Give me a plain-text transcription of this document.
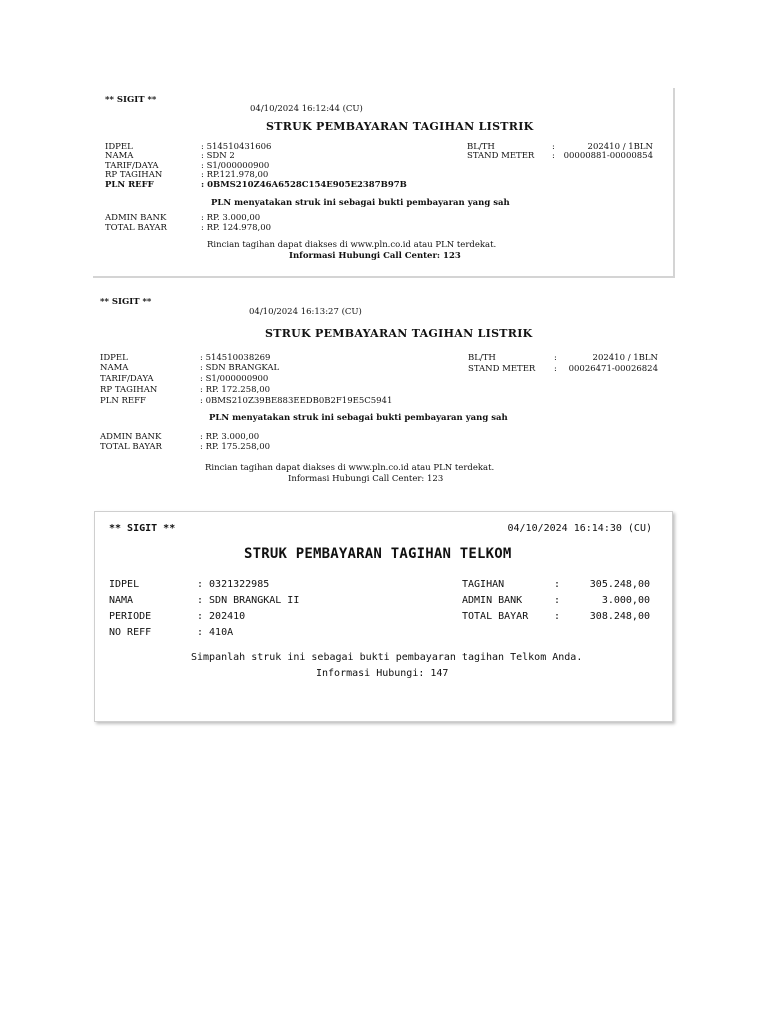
** SIGIT **
04/10/2024 16:12:44 (CU)
STRUK PEMBAYARAN TAGIHAN LISTRIK
IDPEL	: 514510431606
NAMA	: SDN 2
TARIF/DAYA	: S1/000000900
RP TAGIHAN	: RP.121.978,00
PLN REFF	: 0BMS210Z46A6528C154E905E2387B97B
BL/TH	:	202410 / 1BLN
STAND METER : 00000881-00000854
PLN menyatakan struk ini sebagai bukti pembayaran yang sah
ADMIN BANK	: RP. 3.000,00
TOTAL BAYAR	: RP. 124.978,00
Rincian tagihan dapat diakses di www.pln.co.id atau PLN terdekat.
Informasi Hubungi Call Center: 123
** SIGIT **
04/10/2024 16:13:27 (CU)
STRUK PEMBAYARAN TAGIHAN LISTRIK
IDPEL	: 514510038269
NAMA	: SDN BRANGKAL
TARIF/DAYA	: S1/000000900
RP TAGIHAN	: RP. 172.258,00
PLN REFF	: 0BMS210Z39BE883EEDB0B2F19E5C5941
BL/TH	:	202410 / 1BLN
STAND METER : 00026471-00026824
PLN menyatakan struk ini sebagai bukti pembayaran yang sah
ADMIN BANK	: RP. 3.000,00
TOTAL BAYAR	: RP. 175.258,00
Rincian tagihan dapat diakses di www.pln.co.id atau PLN terdekat.
Informasi Hubungi Call Center: 123
** SIGIT **	04/10/2024 16:14:30 (CU)
STRUK PEMBAYARAN TAGIHAN TELKOM
IDPEL	: 0321322985
NAMA	: SDN BRANGKAL II
PERIODE	: 202410
NO REFF	: 410A
TAGIHAN	:	305.248,00
ADMIN BANK	:	3.000,00
TOTAL BAYAR	:	308.248,00
Simpanlah struk ini sebagai bukti pembayaran tagihan Telkom Anda.
Informasi Hubungi: 147
